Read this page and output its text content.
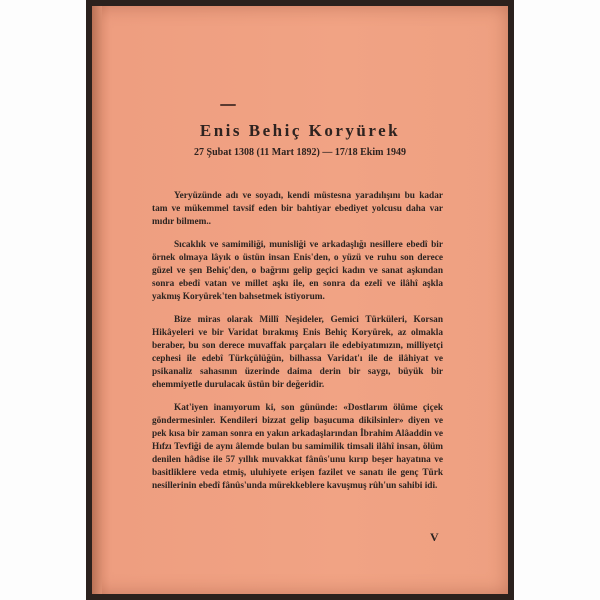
Enis Behiç Koryürek
27 Şubat 1308 (11 Mart 1892) — 17/18 Ekim 1949

Yeryüzünde adı ve soyadı, kendi müstesna yaradılışını bu kadar tam ve mükemmel tavsif eden bir bahtiyar ebediyet yolcusu daha var mıdır bilmem..

Sıcaklık ve samimiliği, munisliği ve arkadaşlığı nesillere ebedî bir örnek olmaya lâyık o üstün insan Enis'den, o yüzü ve ruhu son derece güzel ve şen Behiç'den, o bağrını gelip geçici kadın ve sanat aşkından sonra ebedî vatan ve millet aşkı ile, en sonra da ezelî ve ilâhî aşkla yakmış Koryürek'ten bahsetmek istiyorum.

Bize miras olarak Millî Neşideler, Gemici Türküleri, Korsan Hikâyeleri ve bir Varidat bırakmış Enis Behiç Koryürek, az olmakla beraber, bu son derece muvaffak parçaları ile edebiyatımızın, milliyetçi cephesi ile edebî Türkçülüğün, bilhassa Varidat'ı ile de ilâhiyat ve psikanaliz sahasının üzerinde daima derin bir saygı, büyük bir ehemmiyetle durulacak üstün bir değeridir.

Kat'iyen inanıyorum ki, son gününde: «Dostlarım ölüme çiçek göndermesinler. Kendileri bizzat gelip başucuma dikilsinler» diyen ve pek kısa bir zaman sonra en yakın arkadaşlarından İbrahim Alâaddin ve Hıfzı Tevfiği de aynı âlemde bulan bu samimilik timsali ilâhî insan, ölüm denilen hâdise ile 57 yıllık muvakkat fânûs'unu kırıp beşer hayatına ve basitliklere veda etmiş, uluhiyete erişen fazilet ve sanatı ile genç Türk nesillerinin ebedî fânûs'unda mürekkeblere kavuşmuş rûh'un sahibi idi.

V
